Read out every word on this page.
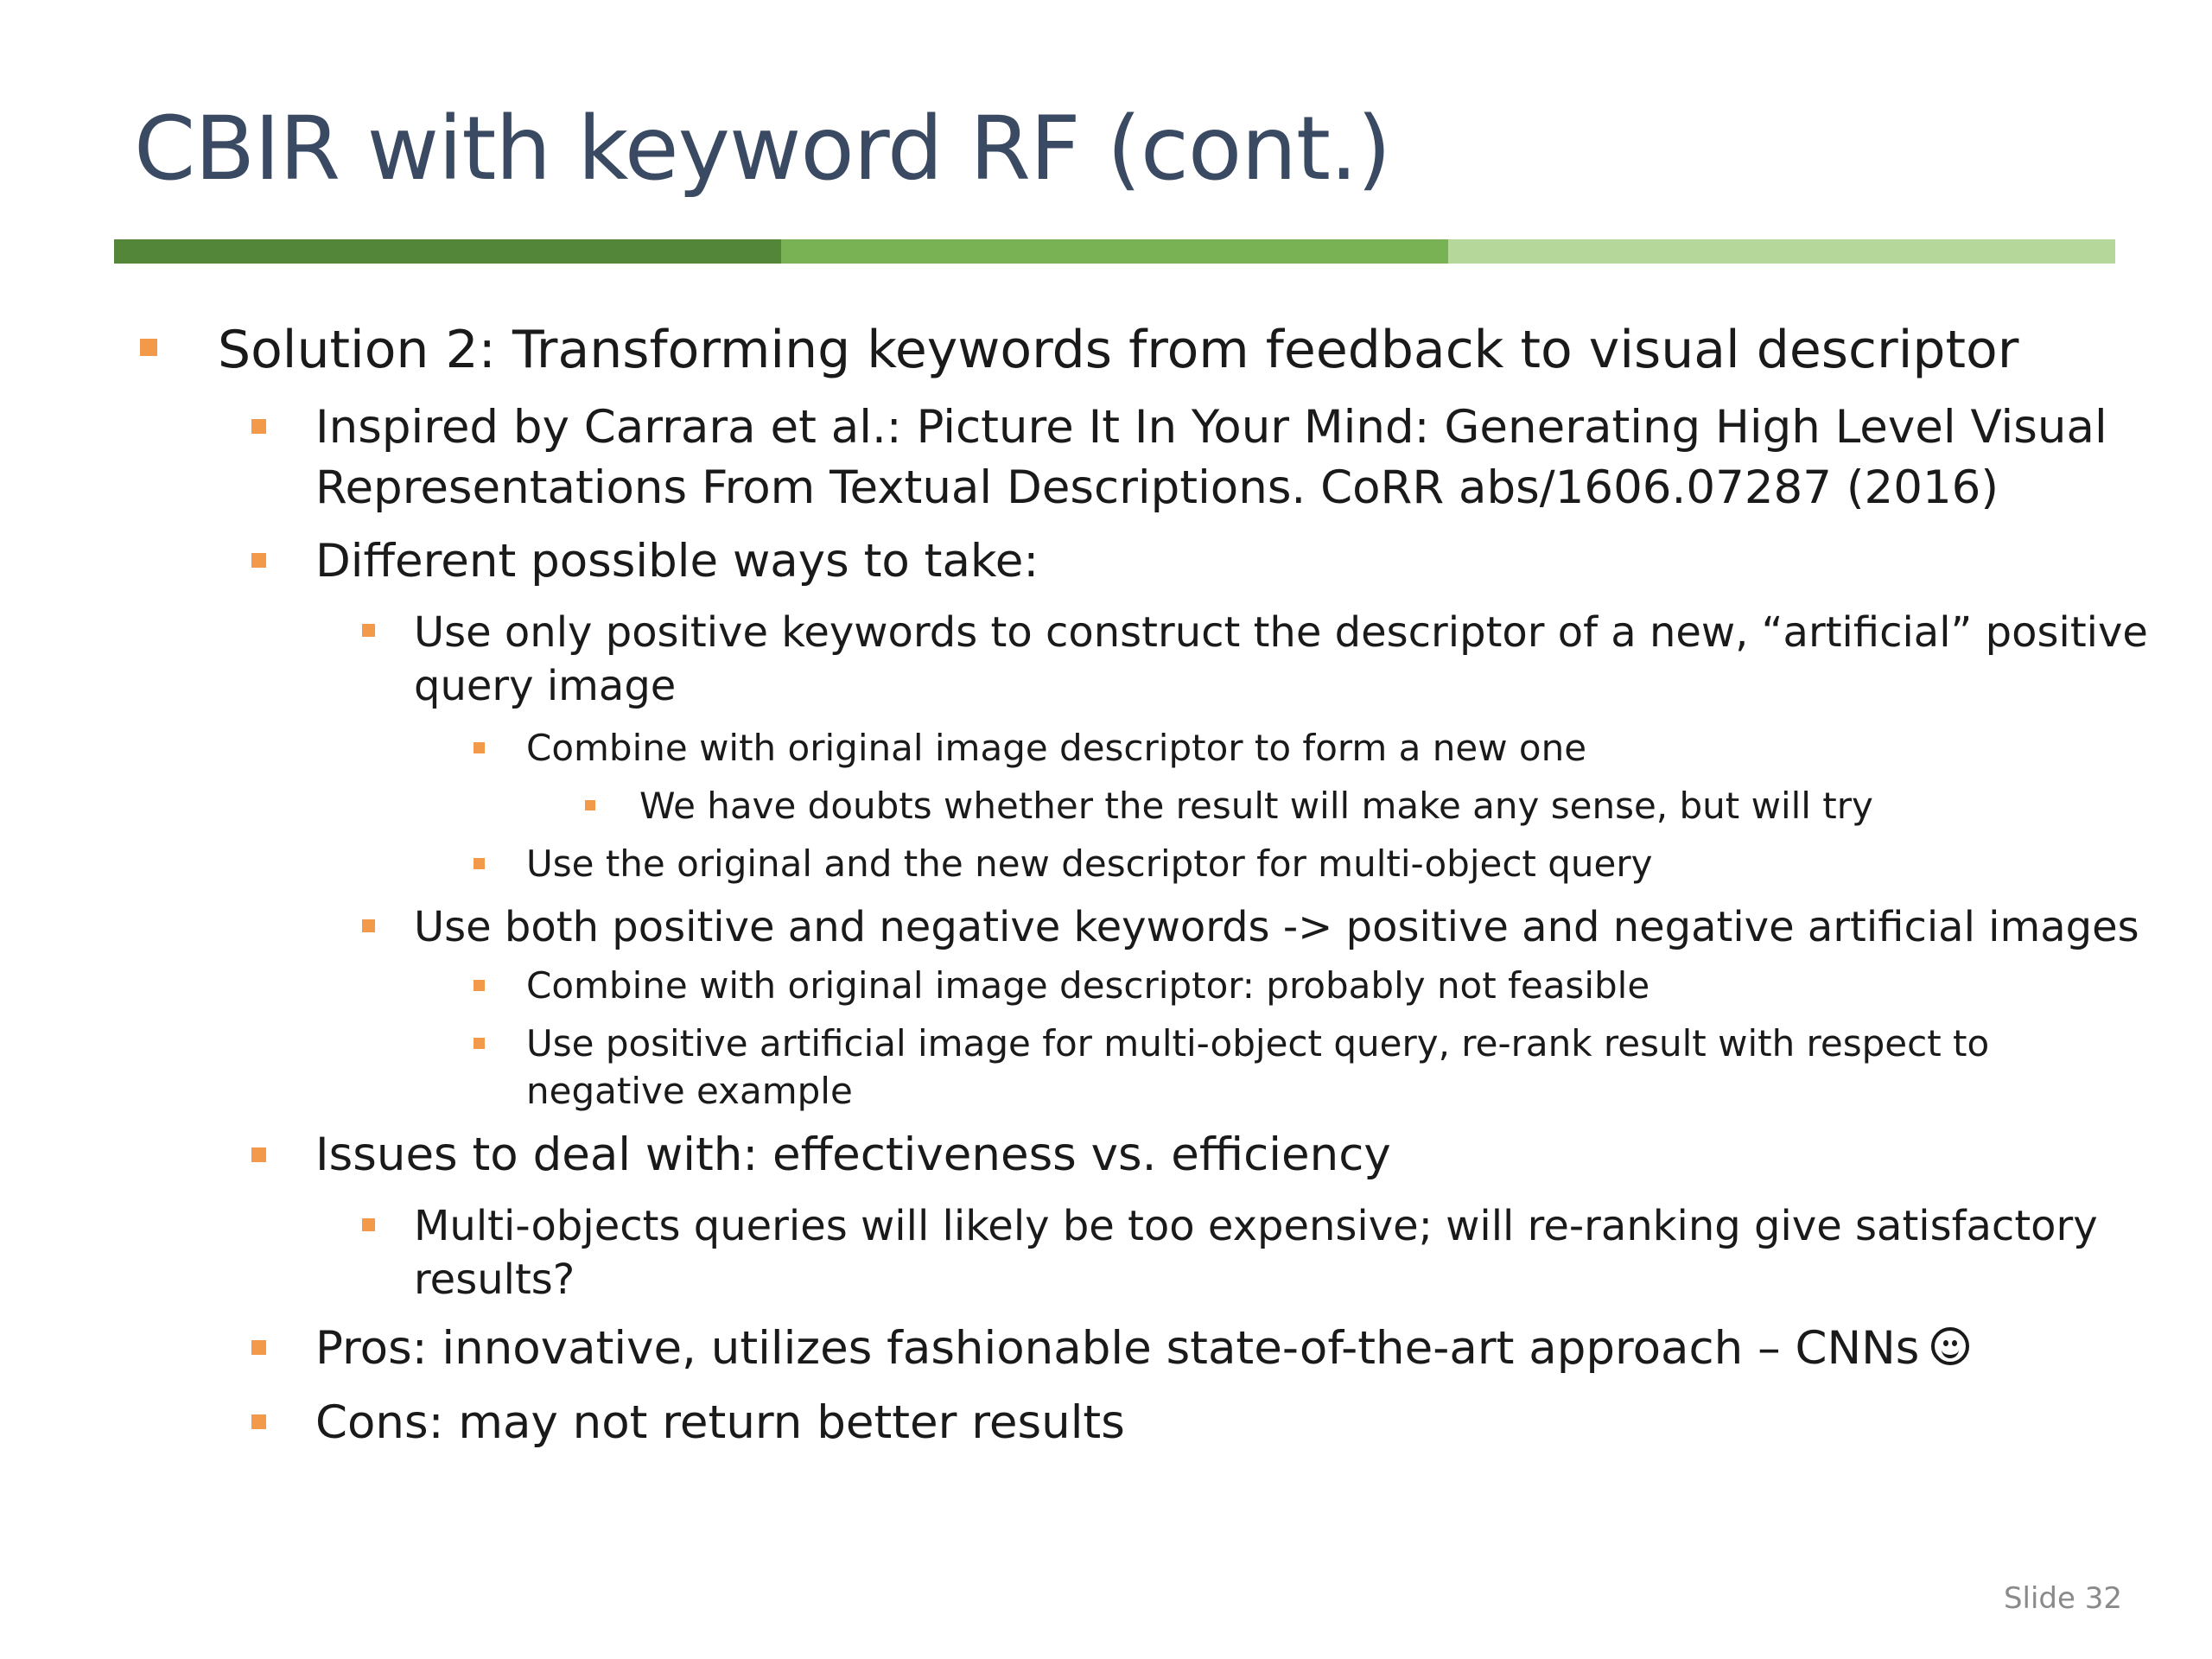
CBIR with keyword RF (cont.)
Solution 2: Transforming keywords from feedback to visual descriptor
Inspired by Carrara et al.: Picture It In Your Mind: Generating High Level Visual
Representations From Textual Descriptions. CoRR abs/1606.07287 (2016)
Different possible ways to take:
Use only positive keywords to construct the descriptor of a new, “artificial” positive
query image
Combine with original image descriptor to form a new one
We have doubts whether the result will make any sense, but will try
Use the original and the new descriptor for multi-object query
Use both positive and negative keywords -> positive and negative artificial images
Combine with original image descriptor: probably not feasible
Use positive artificial image for multi-object query, re-rank result with respect to
negative example
Issues to deal with: effectiveness vs. efficiency
Multi-objects queries will likely be too expensive; will re-ranking give satisfactory
results?
Pros: innovative, utilizes fashionable state-of-the-art approach – CNNs
Cons: may not return better results
Slide 32
